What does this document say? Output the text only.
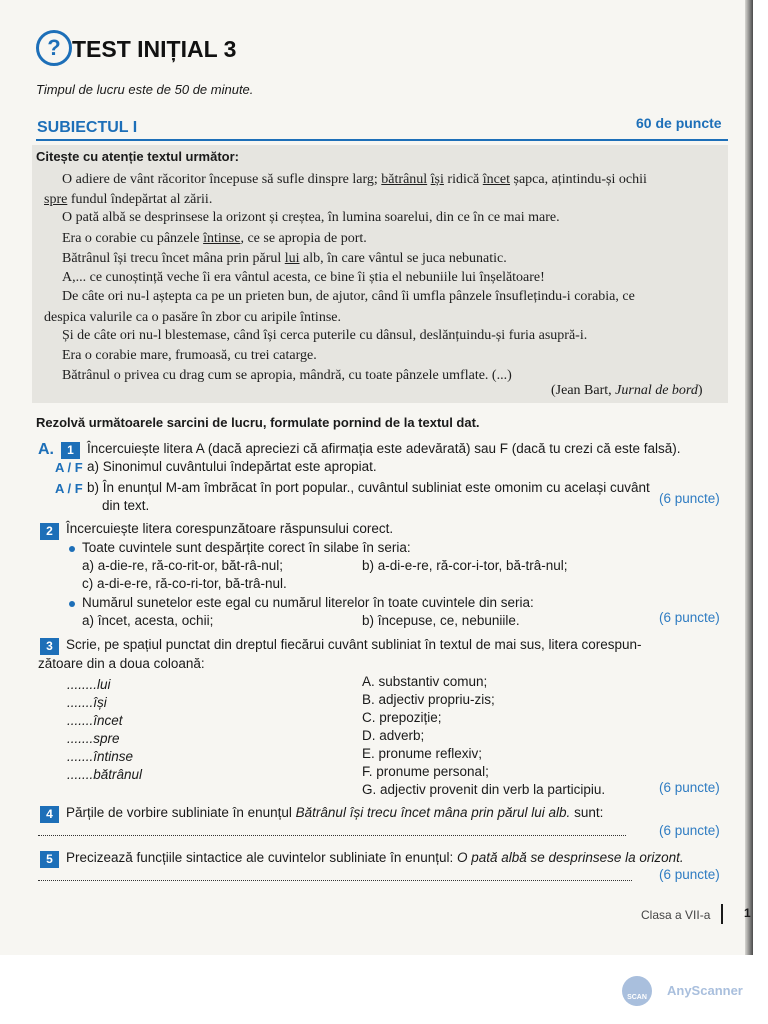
? TEST INIȚIAL 3
Timpul de lucru este de 50 de minute.
SUBIECTUL I	60 de puncte
Citește cu atenție textul următor:
O adiere de vânt răcoritor începuse să sufle dinspre larg; bătrânul își ridică încet șapca, ațintindu-și ochii
spre fundul îndepărtat al zării.
O pată albă se desprinsese la orizont și creștea, în lumina soarelui, din ce în ce mai mare.
Era o corabie cu pânzele întinse, ce se apropia de port.
Bătrânul își trecu încet mâna prin părul lui alb, în care vântul se juca nebunatic.
A,... ce cunoștință veche îi era vântul acesta, ce bine îi știa el nebuniile lui înșelătoare!
De câte ori nu-l aștepta ca pe un prieten bun, de ajutor, când îi umfla pânzele însuflețindu-i corabia, ce
despica valurile ca o pasăre în zbor cu aripile întinse.
Și de câte ori nu-l blestemase, când își cerca puterile cu dânsul, deslănțuindu-și furia asupră-i.
Era o corabie mare, frumoasă, cu trei catarge.
Bătrânul o privea cu drag cum se apropia, mândră, cu toate pânzele umflate. (...)
(Jean Bart, Jurnal de bord)
Rezolvă următoarele sarcini de lucru, formulate pornind de la textul dat.
A.	1 Încercuiește litera A (dacă apreciezi că afirmația este adevărată) sau F (dacă tu crezi că este falsă).
A / F a) Sinonimul cuvântului îndepărtat este apropiat.
A / F b) În enunțul M-am îmbrăcat în port popular., cuvântul subliniat este omonim cu același cuvânt
din text.	(6 puncte)
2 Încercuiește litera corespunzătoare răspunsului corect.
Toate cuvintele sunt despărțite corect în silabe în seria:
a) a-die-re, ră-co-rit-or, băt-râ-nul;	b) a-di-e-re, ră-cor-i-tor, bă-trâ-nul;
c) a-di-e-re, ră-co-ri-tor, bă-trâ-nul.
Numărul sunetelor este egal cu numărul literelor în toate cuvintele din seria:
a) încet, acesta, ochii;	b) începuse, ce, nebuniile.	(6 puncte)
3 Scrie, pe spațiul punctat din dreptul fiecărui cuvânt subliniat în textul de mai sus, litera corespun-
zătoare din a doua coloană:
........lui
.......își
.......încet
.......spre
.......întinse
.......bătrânul
A. substantiv comun;
B. adjectiv propriu-zis;
C. prepoziție;
D. adverb;
E. pronume reflexiv;
F. pronume personal;
G. adjectiv provenit din verb la participiu.	(6 puncte)
4 Părțile de vorbire subliniate în enunțul Bătrânul își trecu încet mâna prin părul lui alb. sunt:
(6 puncte)
5 Precizează funcțiile sintactice ale cuvintelor subliniate în enunțul: O pată albă se desprinsese la orizont.
(6 puncte)
Clasa a VII-a	1
SCAN	AnyScanner
